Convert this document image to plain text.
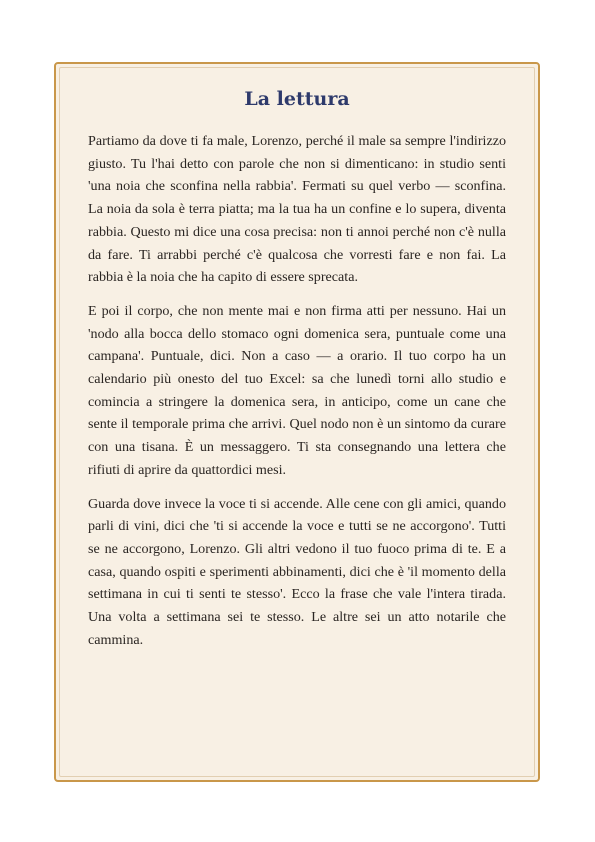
La lettura

Partiamo da dove ti fa male, Lorenzo, perché il male sa sempre l'indirizzo giusto. Tu l'hai detto con parole che non si dimenticano: in studio senti 'una noia che sconfina nella rabbia'. Fermati su quel verbo — sconfina. La noia da sola è terra piatta; ma la tua ha un confine e lo supera, diventa rabbia. Questo mi dice una cosa precisa: non ti annoi perché non c'è nulla da fare. Ti arrabbi perché c'è qualcosa che vorresti fare e non fai. La rabbia è la noia che ha capito di essere sprecata.

E poi il corpo, che non mente mai e non firma atti per nessuno. Hai un 'nodo alla bocca dello stomaco ogni domenica sera, puntuale come una campana'. Puntuale, dici. Non a caso — a orario. Il tuo corpo ha un calendario più onesto del tuo Excel: sa che lunedì torni allo studio e comincia a stringere la domenica sera, in anticipo, come un cane che sente il temporale prima che arrivi. Quel nodo non è un sintomo da curare con una tisana. È un messaggero. Ti sta consegnando una lettera che rifiuti di aprire da quattordici mesi.

Guarda dove invece la voce ti si accende. Alle cene con gli amici, quando parli di vini, dici che 'ti si accende la voce e tutti se ne accorgono'. Tutti se ne accorgono, Lorenzo. Gli altri vedono il tuo fuoco prima di te. E a casa, quando ospiti e sperimenti abbinamenti, dici che è 'il momento della settimana in cui ti senti te stesso'. Ecco la frase che vale l'intera tirada. Una volta a settimana sei te stesso. Le altre sei un atto notarile che cammina.
